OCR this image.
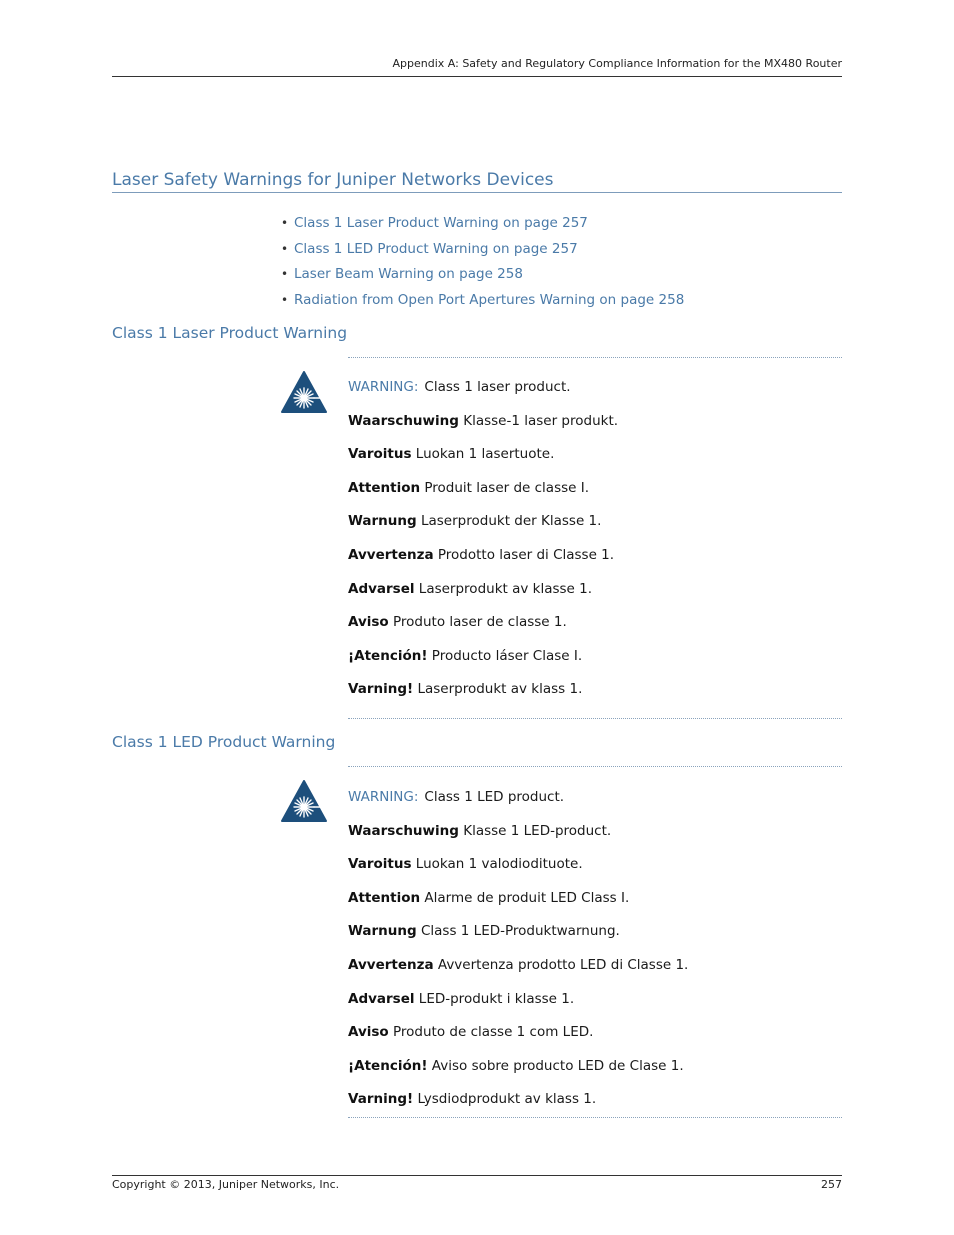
Appendix A: Safety and Regulatory Compliance Information for the MX480 Router
Laser Safety Warnings for Juniper Networks Devices
• Class 1 Laser Product Warning on page 257
• Class 1 LED Product Warning on page 257
• Laser Beam Warning on page 258
• Radiation from Open Port Apertures Warning on page 258
Class 1 Laser Product Warning
WARNING: Class 1 laser product.
Waarschuwing Klasse-1 laser produkt.
Varoitus Luokan 1 lasertuote.
Attention Produit laser de classe I.
Warnung Laserprodukt der Klasse 1.
Avvertenza Prodotto laser di Classe 1.
Advarsel Laserprodukt av klasse 1.
Aviso Produto laser de classe 1.
¡Atención! Producto láser Clase I.
Varning! Laserprodukt av klass 1.
Class 1 LED Product Warning
WARNING: Class 1 LED product.
Waarschuwing Klasse 1 LED-product.
Varoitus Luokan 1 valodiodituote.
Attention Alarme de produit LED Class I.
Warnung Class 1 LED-Produktwarnung.
Avvertenza Avvertenza prodotto LED di Classe 1.
Advarsel LED-produkt i klasse 1.
Aviso Produto de classe 1 com LED.
¡Atención! Aviso sobre producto LED de Clase 1.
Varning! Lysdiodprodukt av klass 1.
Copyright © 2013, Juniper Networks, Inc.	257
